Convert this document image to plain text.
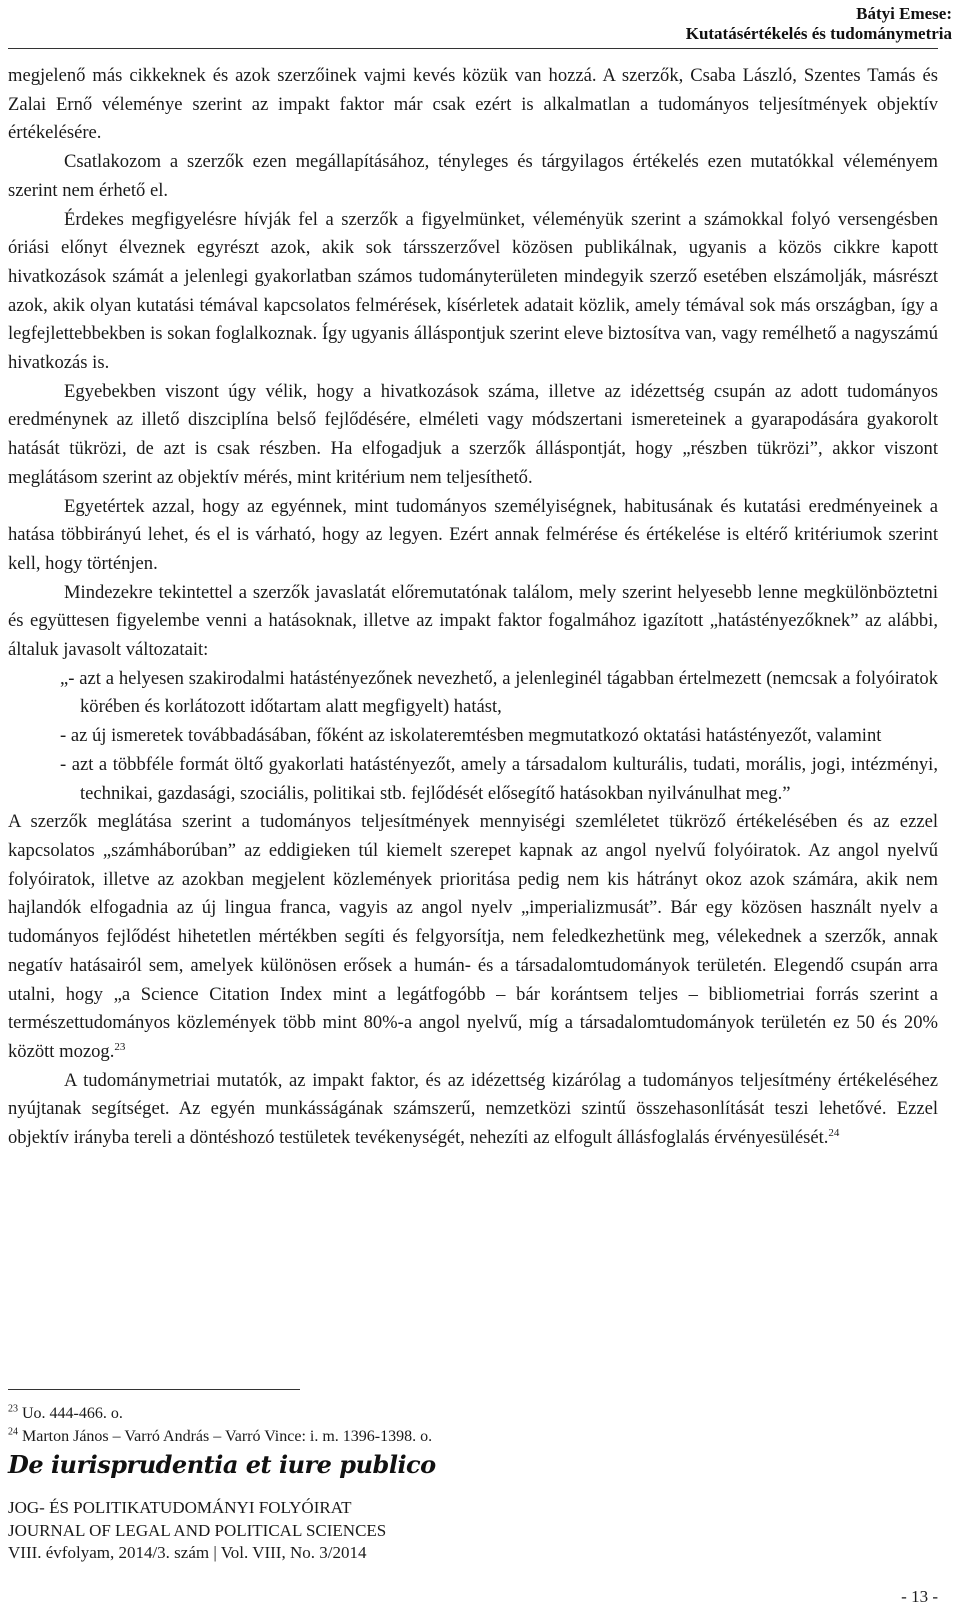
Bátyi Emese:
Kutatásértékelés és tudománymetria

megjelenő más cikkeknek és azok szerzőinek vajmi kevés közük van hozzá. A szerzők, Csaba László, Szentes Tamás és Zalai Ernő véleménye szerint az impakt faktor már csak ezért is alkalmatlan a tudományos teljesítmények objektív értékelésére.

Csatlakozom a szerzők ezen megállapításához, tényleges és tárgyilagos értékelés ezen mutatókkal véleményem szerint nem érhető el.

Érdekes megfigyelésre hívják fel a szerzők a figyelmünket, véleményük szerint a számokkal folyó versengésben óriási előnyt élveznek egyrészt azok, akik sok társszerzővel közösen publikálnak, ugyanis a közös cikkre kapott hivatkozások számát a jelenlegi gyakorlatban számos tudományterületen mindegyik szerző esetében elszámolják, másrészt azok, akik olyan kutatási témával kapcsolatos felmérések, kísérletek adatait közlik, amely témával sok más országban, így a legfejlettebbekben is sokan foglalkoznak. Így ugyanis álláspontjuk szerint eleve biztosítva van, vagy remélhető a nagyszámú hivatkozás is.

Egyebekben viszont úgy vélik, hogy a hivatkozások száma, illetve az idézettség csupán az adott tudományos eredménynek az illető diszciplína belső fejlődésére, elméleti vagy módszertani ismereteinek a gyarapodására gyakorolt hatását tükrözi, de azt is csak részben. Ha elfogadjuk a szerzők álláspontját, hogy „részben tükrözi”, akkor viszont meglátásom szerint az objektív mérés, mint kritérium nem teljesíthető.

Egyetértek azzal, hogy az egyénnek, mint tudományos személyiségnek, habitusának és kutatási eredményeinek a hatása többirányú lehet, és el is várható, hogy az legyen. Ezért annak felmérése és értékelése is eltérő kritériumok szerint kell, hogy történjen.

Mindezekre tekintettel a szerzők javaslatát előremutatónak találom, mely szerint helyesebb lenne megkülönböztetni és együttesen figyelembe venni a hatásoknak, illetve az impakt faktor fogalmához igazított „hatástényezőknek” az alábbi, általuk javasolt változatait:

„- azt a helyesen szakirodalmi hatástényezőnek nevezhető, a jelenleginél tágabban értelmezett (nemcsak a folyóiratok körében és korlátozott időtartam alatt megfigyelt) hatást,
- az új ismeretek továbbadásában, főként az iskolateremtésben megmutatkozó oktatási hatástényezőt, valamint
- azt a többféle formát öltő gyakorlati hatástényezőt, amely a társadalom kulturális, tudati, morális, jogi, intézményi, technikai, gazdasági, szociális, politikai stb. fejlődését elősegítő hatásokban nyilvánulhat meg.”

A szerzők meglátása szerint a tudományos teljesítmények mennyiségi szemléletet tükröző értékelésében és az ezzel kapcsolatos „számháborúban” az eddigieken túl kiemelt szerepet kapnak az angol nyelvű folyóiratok. Az angol nyelvű folyóiratok, illetve az azokban megjelent közlemények prioritása pedig nem kis hátrányt okoz azok számára, akik nem hajlandók elfogadnia az új lingua franca, vagyis az angol nyelv „imperializmusát”. Bár egy közösen használt nyelv a tudományos fejlődést hihetetlen mértékben segíti és felgyorsítja, nem feledkezhetünk meg, vélekednek a szerzők, annak negatív hatásairól sem, amelyek különösen erősek a humán- és a társadalomtudományok területén. Elegendő csupán arra utalni, hogy „a Science Citation Index mint a legátfogóbb – bár korántsem teljes – bibliometriai forrás szerint a természettudományos közlemények több mint 80%-a angol nyelvű, míg a társadalomtudományok területén ez 50 és 20% között mozog.$^{23}$

A tudománymetriai mutatók, az impakt faktor, és az idézettség kizárólag a tudományos teljesítmény értékeléséhez nyújtanak segítséget. Az egyén munkásságának számszerű, nemzetközi szintű összehasonlítását teszi lehetővé. Ezzel objektív irányba tereli a döntéshozó testületek tevékenységét, nehezíti az elfogult állásfoglalás érvényesülését.$^{24}$

$^{23}$ Uo. 444-466. o.

$^{24}$ Marton János – Varró András – Varró Vince: i. m. 1396-1398. o.

De iurisprudentia et iure publico
JOG- ÉS POLITIKATUDOMÁNYI FOLYÓIRAT
JOURNAL OF LEGAL AND POLITICAL SCIENCES
VIII. évfolyam, 2014/3. szám | Vol. VIII, No. 3/2014
- 13 -
